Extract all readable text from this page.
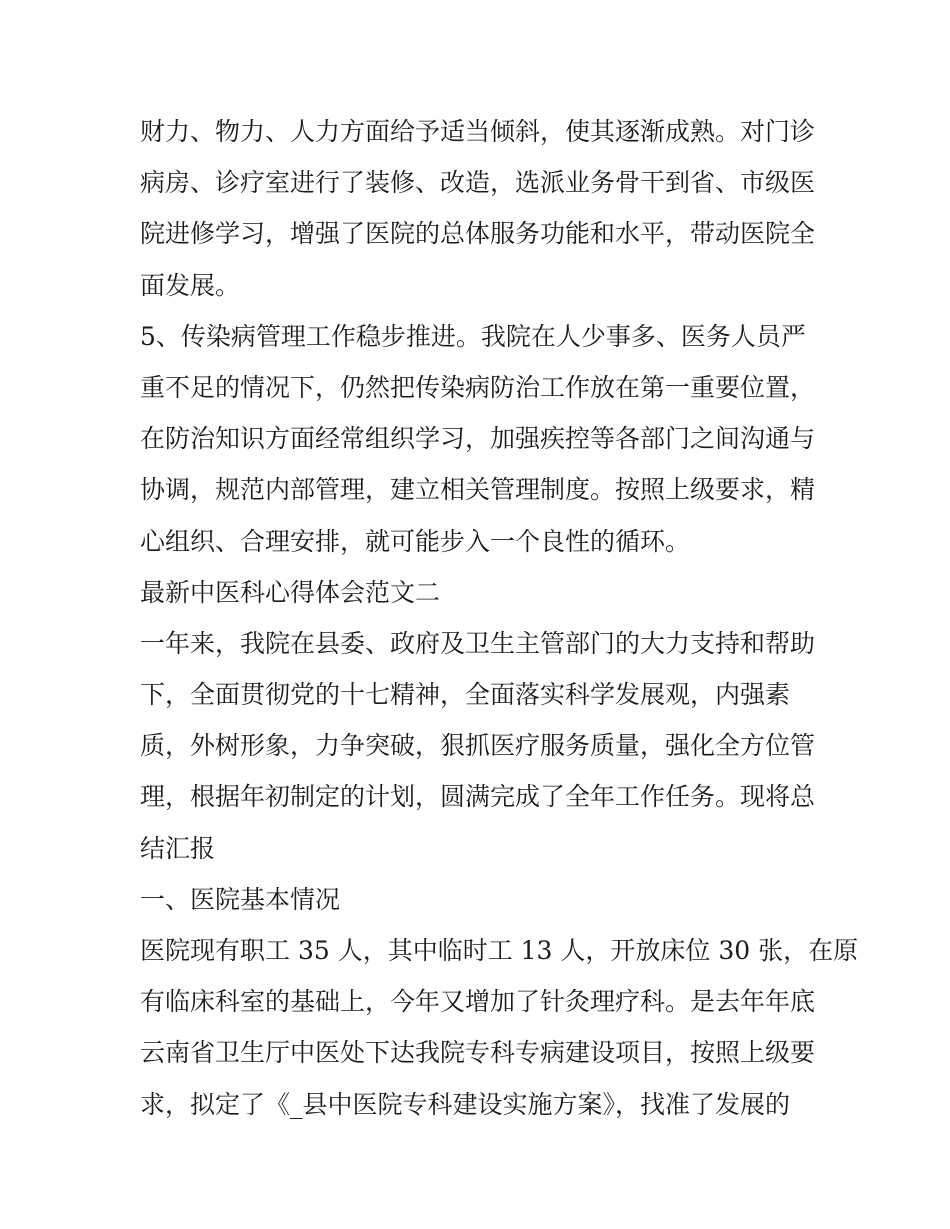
财力、物力、人力方面给予适当倾斜，使其逐渐成熟。对门诊
病房、诊疗室进行了装修、改造，选派业务骨干到省、市级医
院进修学习，增强了医院的总体服务功能和水平，带动医院全
面发展。
5、传染病管理工作稳步推进。我院在人少事多、医务人员严
重不足的情况下，仍然把传染病防治工作放在第一重要位置，
在防治知识方面经常组织学习，加强疾控等各部门之间沟通与
协调，规范内部管理，建立相关管理制度。按照上级要求，精
心组织、合理安排，就可能步入一个良性的循环。
最新中医科心得体会范文二
一年来，我院在县委、政府及卫生主管部门的大力支持和帮助
下，全面贯彻党的十七精神，全面落实科学发展观，内强素
质，外树形象，力争突破，狠抓医疗服务质量，强化全方位管
理，根据年初制定的计划，圆满完成了全年工作任务。现将总
结汇报
一、医院基本情况
医院现有职工 35 人，其中临时工 13 人，开放床位 30 张，在原
有临床科室的基础上，今年又增加了针灸理疗科。是去年年底
云南省卫生厅中医处下达我院专科专病建设项目，按照上级要
求，拟定了《_县中医院专科建设实施方案》，找准了发展的
